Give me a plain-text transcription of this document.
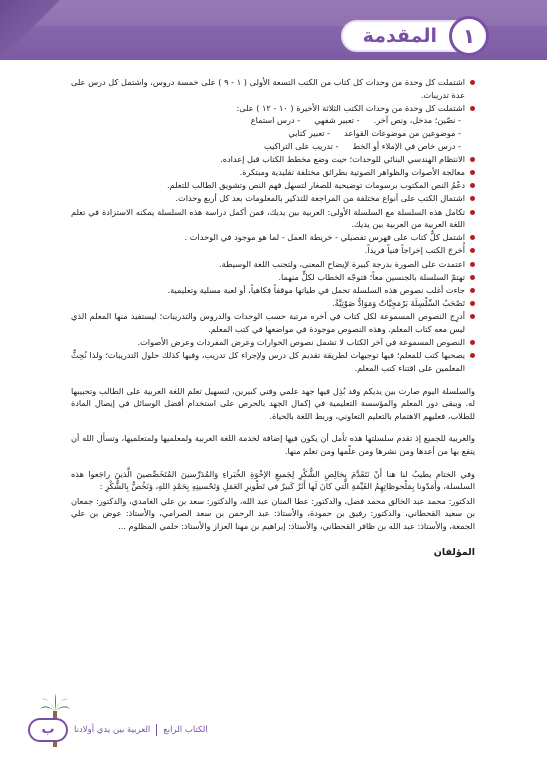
المقدمة	١
اشتملت كل وحدة من وحدات كل كتاب من الكتب التسعة الأولى ( ١ - ٩ ) على خمسة دروس، واشتمل كل درس على عدة تدريبات.
اشتملت كل وحدة من وحدات الكتب الثلاثة الأخيرة ( ١٠ - ١٢ ) على:
- نصّين؛ مدخل، ونص آخر.
- تعبير شفهي
- درس استماع
- موضوعين من موضوعات القواعد
- تعبير كتابي
- درس خاص في الإملاء أو الخط
- تدريب على التراكيب
الانتظام الهندسي البنائي للوحدات؛ حيث وضع مخطط الكتاب قبل إعداده.
معالجة الأصوات والظواهر الصوتية بطرائق مختلفة تقليدية ومبتكرة.
دعْمُ النص المكتوب برسومات توضيحية للصغار لتسهل فهم النص وتشويق الطالب للتعلم.
اشتمال الكتب على أنواع مختلفة من المراجعة للتذكير بالمعلومات بعد كل أربع وحدات.
تكامل هذه السلسلة مع السلسلة الأولى: العربية بين يديك، فمن أكمل دراسة هذه السلسلة يمكنه الاستزادة في تعلم اللغة العربية من العربية بين يديك.
اشتمل كلُّ كتاب على فهرس تفصيلي - خريطة العمل - لما هو موجود في الوحدات .
أُخرجَ الكتب إخراجاً فنياً فريداً.
اعتمدت على الصورة بدرجة كبيرة لإيضاح المعنى، ولتجنب اللغة الوسيطة.
تهتمّ السلسلة بالجنسين معاً؛ فتوجّه الخطاب لكلٍّ منهما.
جاءت أغلب نصوص هذه السلسلة تحمل في طياتها موقفاً فكاهياً، أو لعبة مسلية وتعليمية.
تَصْحَبُ السِّلْسِلَةَ بَرْمَجِيَّاتٌ وَمَوَادُّ صَوْتِيَّةٌ.
أدرِج النصوص المسموعة لكل كتاب في آخره مرتبة حسب الوحدات والدروس والتدريبات؛ ليستفيد منها المعلم الذي ليس معه كتاب المعلم. وهذه النصوص موجودة في مواضعها في كتب المعلم.
النصوص المسموعة في آخر الكتاب لا تشمل نصوص الحوارات وعرض المفردات وعرض الأصوات.
يصحبها كتب للمعلم؛ فيها توجيهات لطريقة تقديم كل درس ولإجراء كل تدريب، وفيها كذلك حلول التدريبات؛ ولذا نُحِثُّ المعلمين على اقتناء كتب المعلم.

والسلسلة اليوم صارت بين يديكم وقد بُذِل فيها جهد علمي وفني كبيرين، لتسهيل تعلم اللغة العربية على الطالب وتحبيبها له. ويبقى دور المعلم والمؤسسة التعليمية في إكمال الجهد بالحرص على استخدام أفضل الوسائل في إيصال المادة للطلاب، فعليهم الاهتمام بالتعليم التعاوني، وربط اللغة بالحياة.

والعربية للجميع إذ تقدم سلسلتها هذه تأمل أن يكون فيها إضافة لخدمة اللغة العربية ولمعلميها ولمتعلميها، وتسأل الله أن ينفع بها من أعدها ومن نشرها ومن علّمها ومن تعلم منها.

وفي الختام يطيبُ لنا هنا أَنْ نَتَقَدَّمَ بِخالِصِ الشُّكْرِ لِجَميعِ الإخْوَةِ الخُبَراءِ وَالمُدَرِّسينَ المُتَخَصِّصينَ الَّذينَ راجَعوا هذه السلسلة، وأَمَدّونا بِمَلْحوظاتِهِمُ القَيِّمَةِ الَّتي كانَ لَها أَثَرٌ كَبيرٌ في تَطْويرِ العَمَلِ وَتَحْسينِهِ بِحَمْدِ اللهِ، وَنَخُصُّ بِالشُّكْرِ :

الدكتور: محمد عبد الخالق محمد فضل، والدكتور: عطا المنان عبد الله، والدكتور: سعد بن علي الغامدي، والدكتور: جمعان بن سعيد القحطاني، والدكتور: رفيق بن حمودة، والأستاذ: عبد الرحمن بن سعد الصرامي، والأستاذ: عوض بن علي الجمعة، والأستاذ: عبد الله بن ظافر القحطاني، والأستاذ: إبراهيم بن مهنا العزاز والأستاذ: حلمي المظلوم ...

المؤلفان

ب	العربية بين يدي أولادنا الكتاب الرابع
